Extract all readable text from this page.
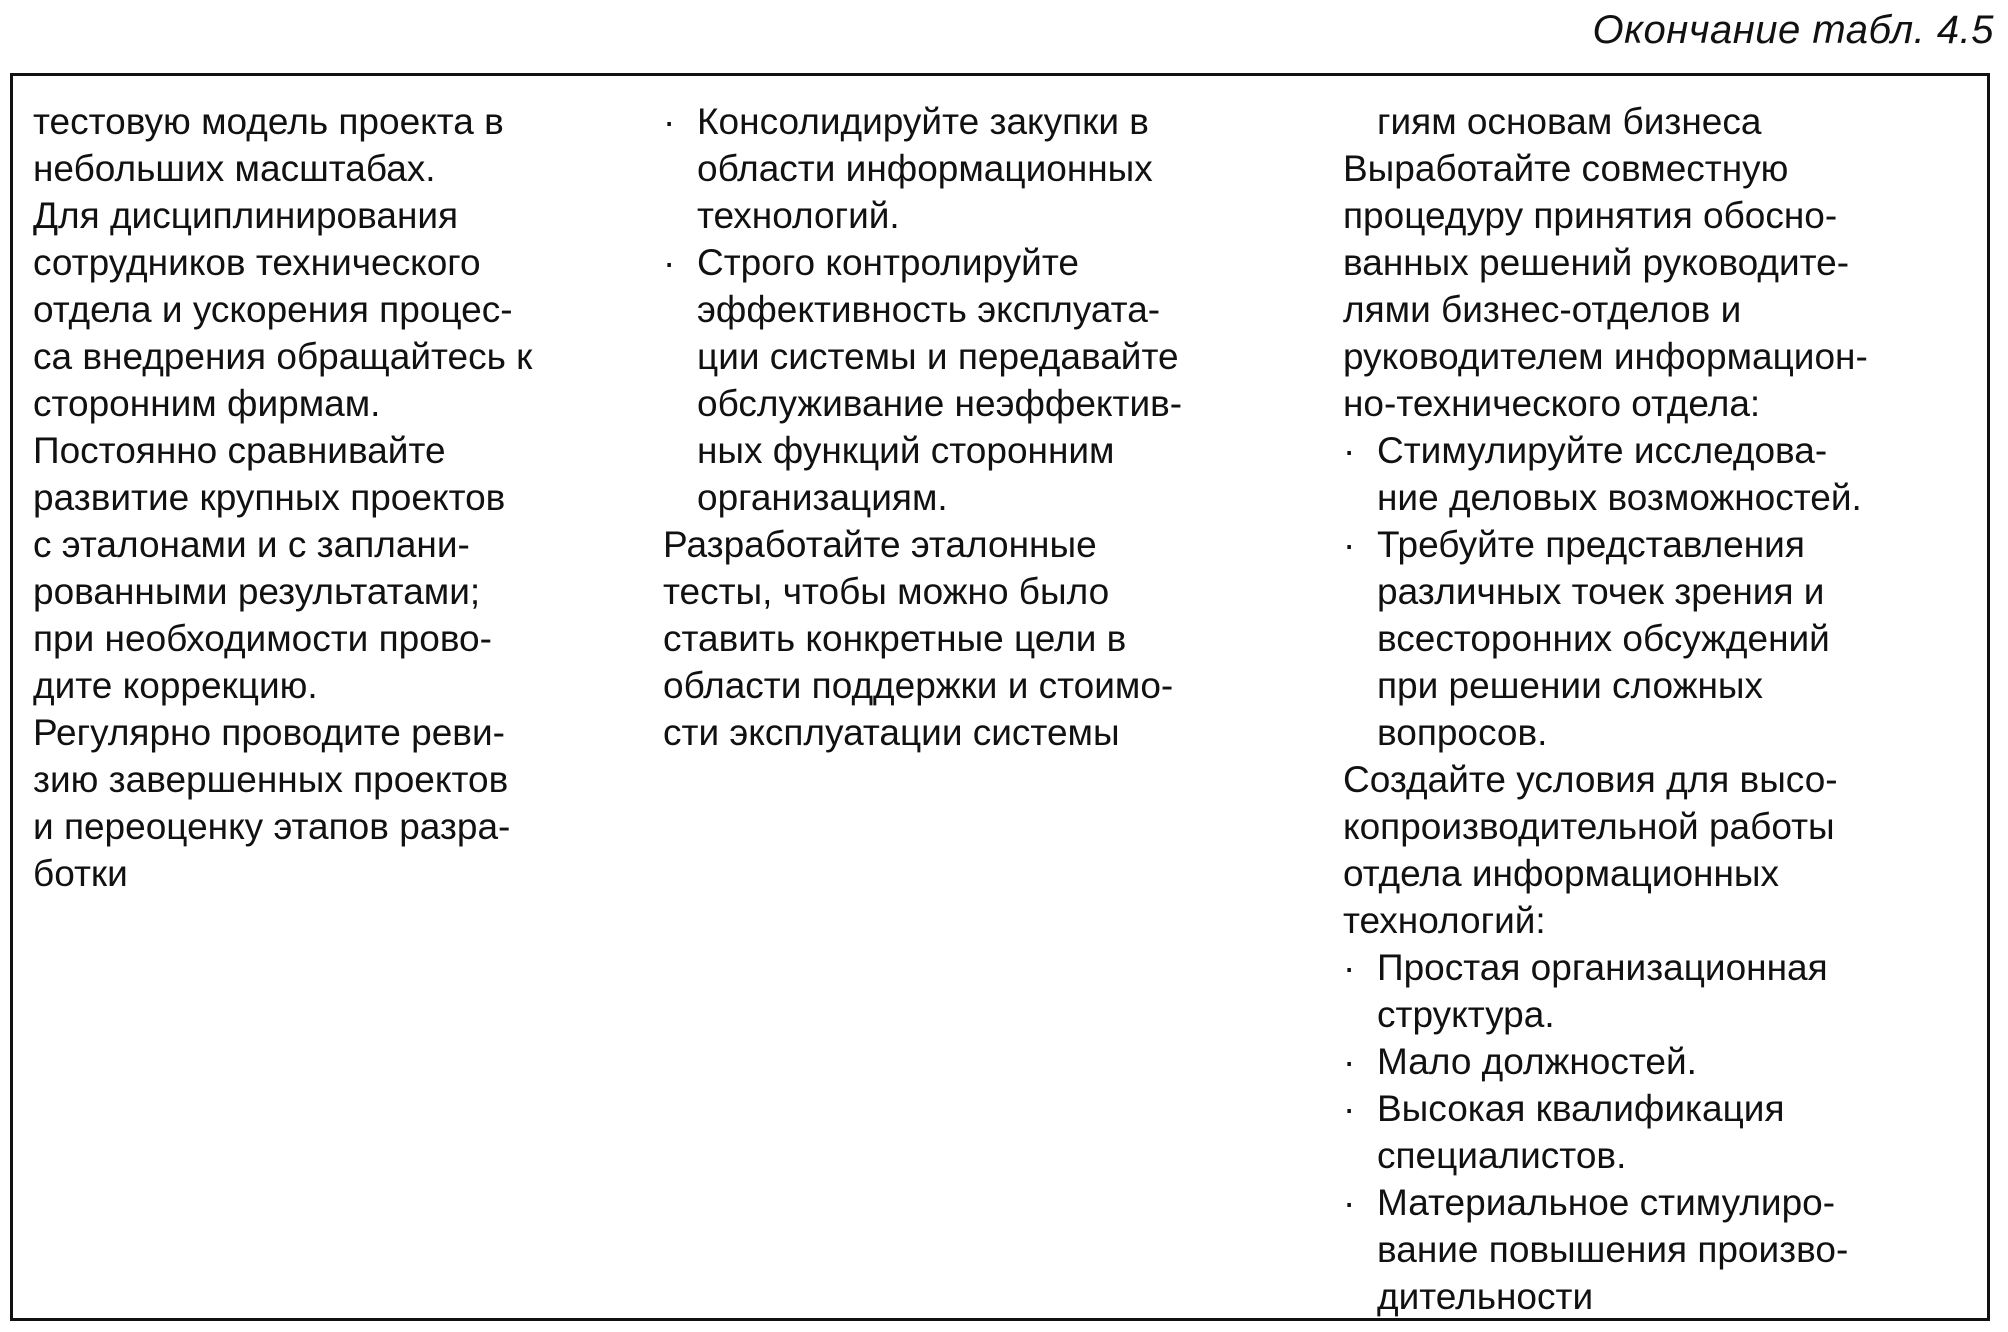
Окончание табл. 4.5
тестовую модель проекта в
небольших масштабах.
Для дисциплинирования
сотрудников технического
отдела и ускорения процес-
са внедрения обращайтесь к
сторонним фирмам.
Постоянно сравнивайте
развитие крупных проектов
с эталонами и с заплани-
рованными результатами;
при необходимости прово-
дите коррекцию.
Регулярно проводите реви-
зию завершенных проектов
и переоценку этапов разра-
ботки
· Консолидируйте закупки в
области информационных
технологий.
· Строго контролируйте
эффективность эксплуата-
ции системы и передавайте
обслуживание неэффектив-
ных функций сторонним
организациям.
Разработайте эталонные
тесты, чтобы можно было
ставить конкретные цели в
области поддержки и стоимо-
сти эксплуатации системы
гиям основам бизнеса
Выработайте совместную
процедуру принятия обосно-
ванных решений руководите-
лями бизнес-отделов и
руководителем информацион-
но-технического отдела:
· Стимулируйте исследова-
ние деловых возможностей.
· Требуйте представления
различных точек зрения и
всесторонних обсуждений
при решении сложных
вопросов.
Создайте условия для высо-
копроизводительной работы
отдела информационных
технологий:
· Простая организационная
структура.
· Мало должностей.
· Высокая квалификация
специалистов.
· Материальное стимулиро-
вание повышения произво-
дительности
